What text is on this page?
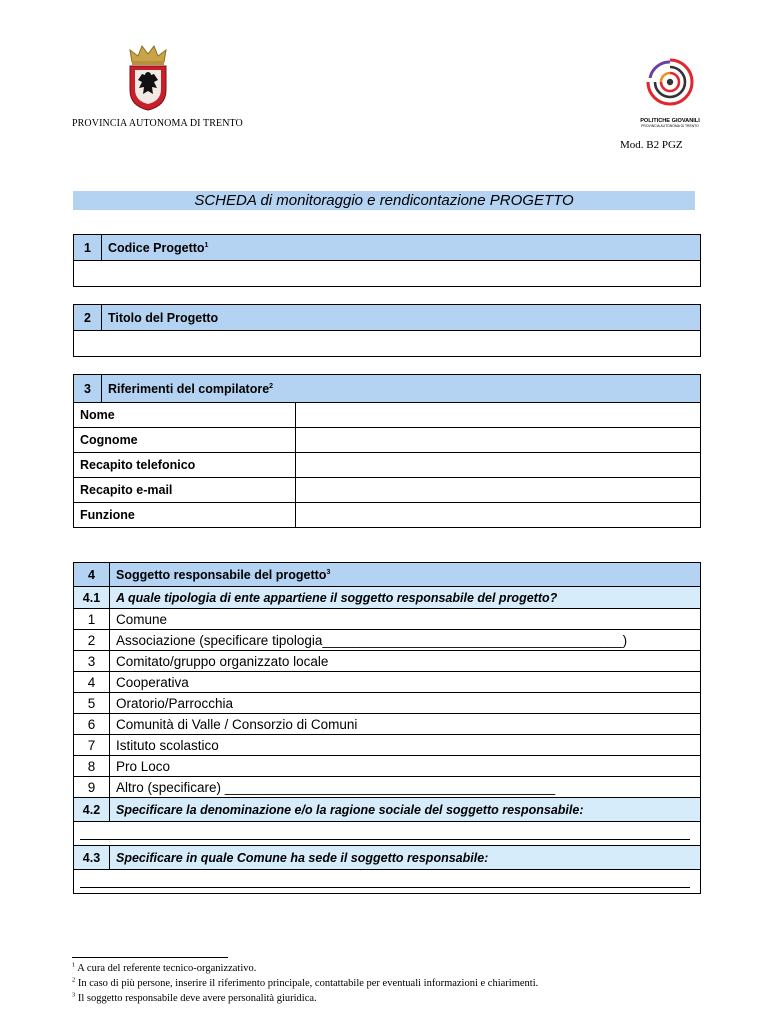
PROVINCIA AUTONOMA DI TRENTO	POLITICHE GIOVANILI
PROVINCIA AUTONOMA DI TRENTO
Mod. B2 PGZ
SCHEDA di monitoraggio e rendicontazione PROGETTO
1	Codice Progetto$^1$

2	Titolo del Progetto

3	Riferimenti del compilatore$^2$
Nome		
Cognome		
Recapito telefonico		
Recapito e-mail		
Funzione		
4	Soggetto responsabile del progetto$^3$
4.1	A quale tipologia di ente appartiene il soggetto responsabile del progetto?
1	Comune
2	Associazione (specificare tipologia________________________________________)
3	Comitato/gruppo organizzato locale
4	Cooperativa
5	Oratorio/Parrocchia
6	Comunità di Valle / Consorzio di Comuni
7	Istituto scolastico
8	Pro Loco
9	Altro (specificare) ____________________________________________
4.2	Specificare la denominazione e/o la ragione sociale del soggetto responsabile:

4.3	Specificare in quale Comune ha sede il soggetto responsabile:

$^1$ A cura del referente tecnico-organizzativo.
$^2$ In caso di più persone, inserire il riferimento principale, contattabile per eventuali informazioni e chiarimenti.
$^3$ Il soggetto responsabile deve avere personalità giuridica.
